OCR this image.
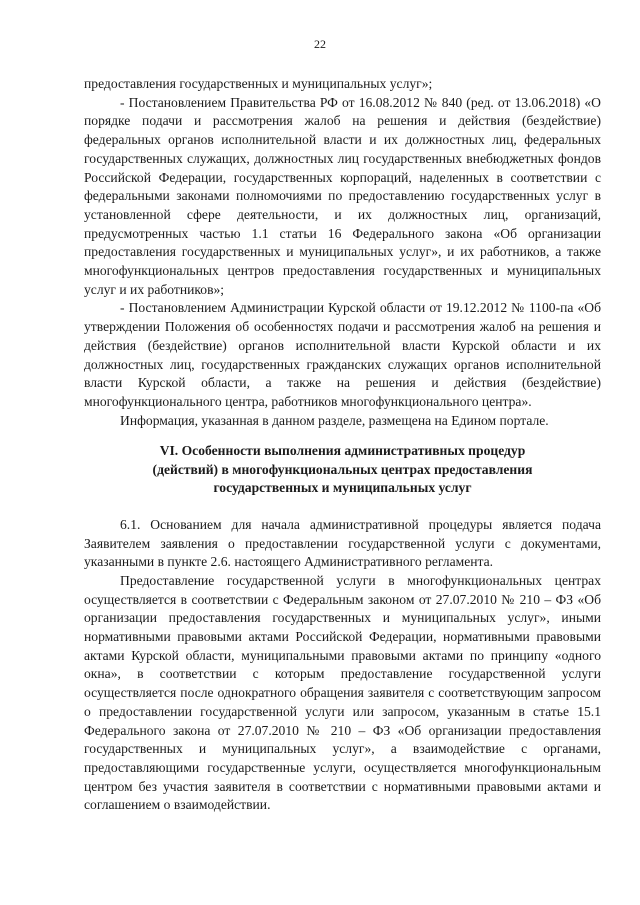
22

предоставления государственных и муниципальных услуг»;

- Постановлением Правительства РФ от 16.08.2012 № 840 (ред. от 13.06.2018) «О порядке подачи и рассмотрения жалоб на решения и действия (бездействие) федеральных органов исполнительной власти и их должностных лиц, федеральных государственных служащих, должностных лиц государственных внебюджетных фондов Российской Федерации, государственных корпораций, наделенных в соответствии с федеральными законами полномочиями по предоставлению государственных услуг в установленной сфере деятельности, и их должностных лиц, организаций, предусмотренных частью 1.1 статьи 16 Федерального закона «Об организации предоставления государственных и муниципальных услуг», и их работников, а также многофункциональных центров предоставления государственных и муниципальных услуг и их работников»;

- Постановлением Администрации Курской области от 19.12.2012 № 1100-па «Об утверждении Положения об особенностях подачи и рассмотрения жалоб на решения и действия (бездействие) органов исполнительной власти Курской области и их должностных лиц, государственных гражданских служащих органов исполнительной власти Курской области, а также на решения и действия (бездействие) многофункционального центра, работников многофункционального центра».

Информация, указанная в данном разделе, размещена на Едином портале.

VI. Особенности выполнения административных процедур
(действий) в многофункциональных центрах предоставления
государственных и муниципальных услуг

6.1. Основанием для начала административной процедуры является подача Заявителем заявления о предоставлении государственной услуги с документами, указанными в пункте 2.6. настоящего Административного регламента.

Предоставление государственной услуги в многофункциональных центрах осуществляется в соответствии с Федеральным законом от 27.07.2010 № 210 – ФЗ «Об организации предоставления государственных и муниципальных услуг», иными нормативными правовыми актами Российской Федерации, нормативными правовыми актами Курской области, муниципальными правовыми актами по принципу «одного окна», в соответствии с которым предоставление государственной услуги осуществляется после однократного обращения заявителя с соответствующим запросом о предоставлении государственной услуги или запросом, указанным в статье 15.1 Федерального закона от 27.07.2010 № 210 – ФЗ «Об организации предоставления государственных и муниципальных услуг», а взаимодействие с органами, предоставляющими государственные услуги, осуществляется многофункциональным центром без участия заявителя в соответствии с нормативными правовыми актами и соглашением о взаимодействии.
